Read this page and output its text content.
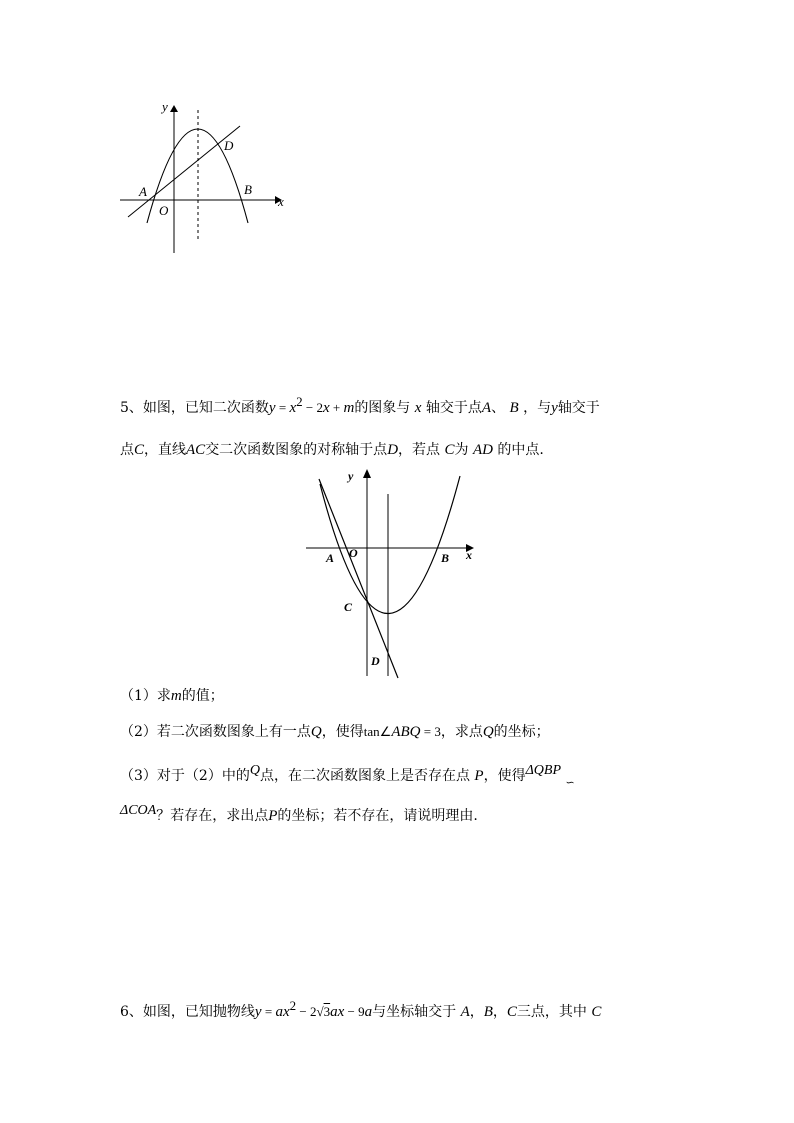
y
x
A	B
D
O
5、如图，已知二次函数$y = x^2 - 2x + m$的图象与 x 轴交于点A、 B ，与y轴交于
点C，直线AC交二次函数图象的对称轴于点D，若点 C为 AD 的中点.
y
x
A O	B
C
D
（1）求m的值；
（2）若二次函数图象上有一点Q，使得tan∠ABQ = 3，求点Q的坐标；
（3）对于（2）中的Q点，在二次函数图象上是否存在点 P，使得ΔQBP $_∽$
ΔCOA？若存在，求出点P的坐标；若不存在，请说明理由.
6、如图，已知抛物线$y = ax^2 - 2√3ax - 9a$与坐标轴交于 A，B，C三点，其中 C
